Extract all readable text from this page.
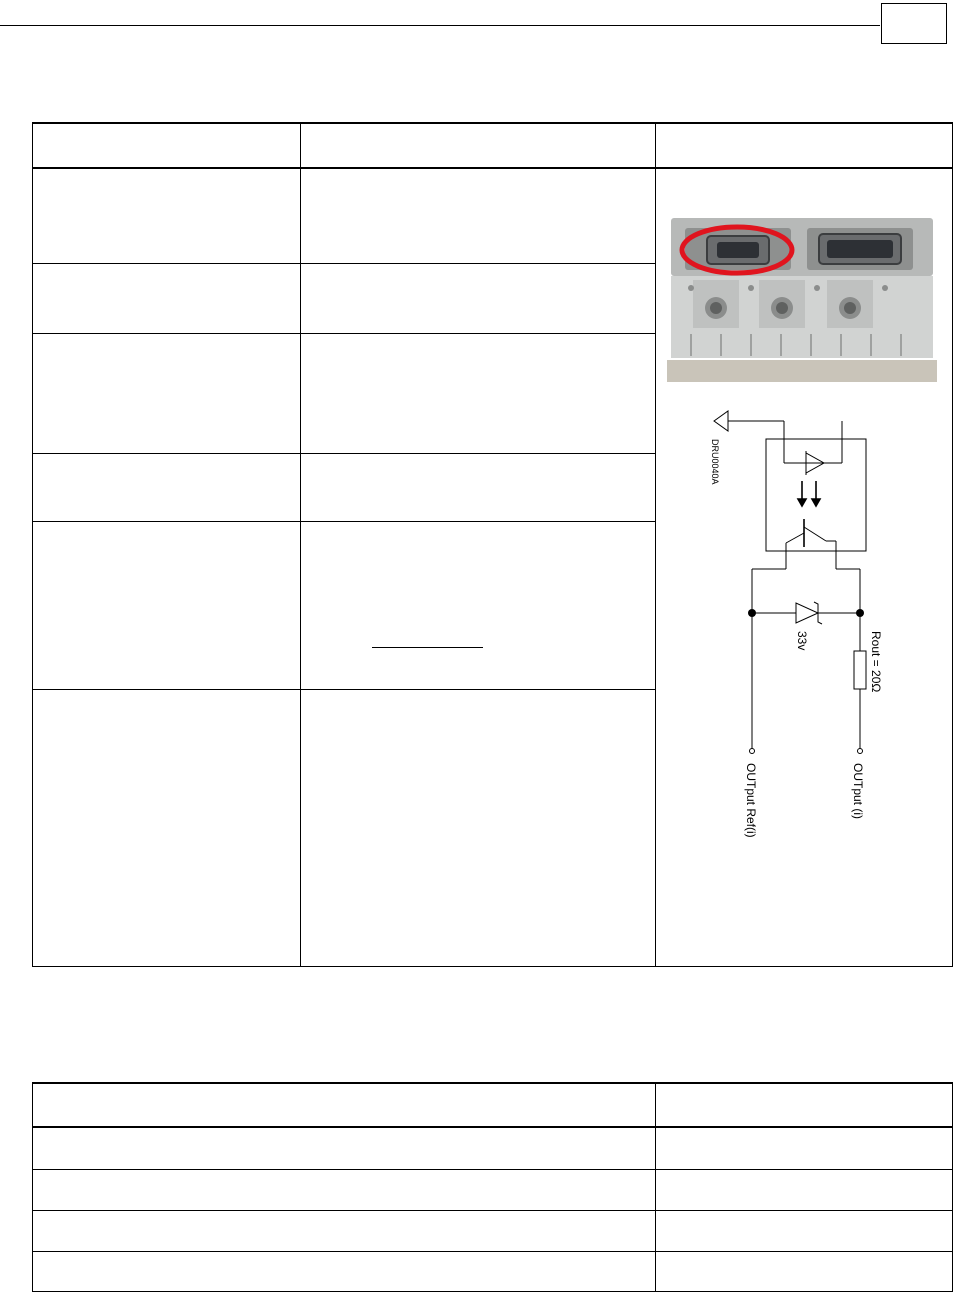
DRU0040A
33v Rout = 20Ω
OUTput (i)
OUTput Ref(i)
